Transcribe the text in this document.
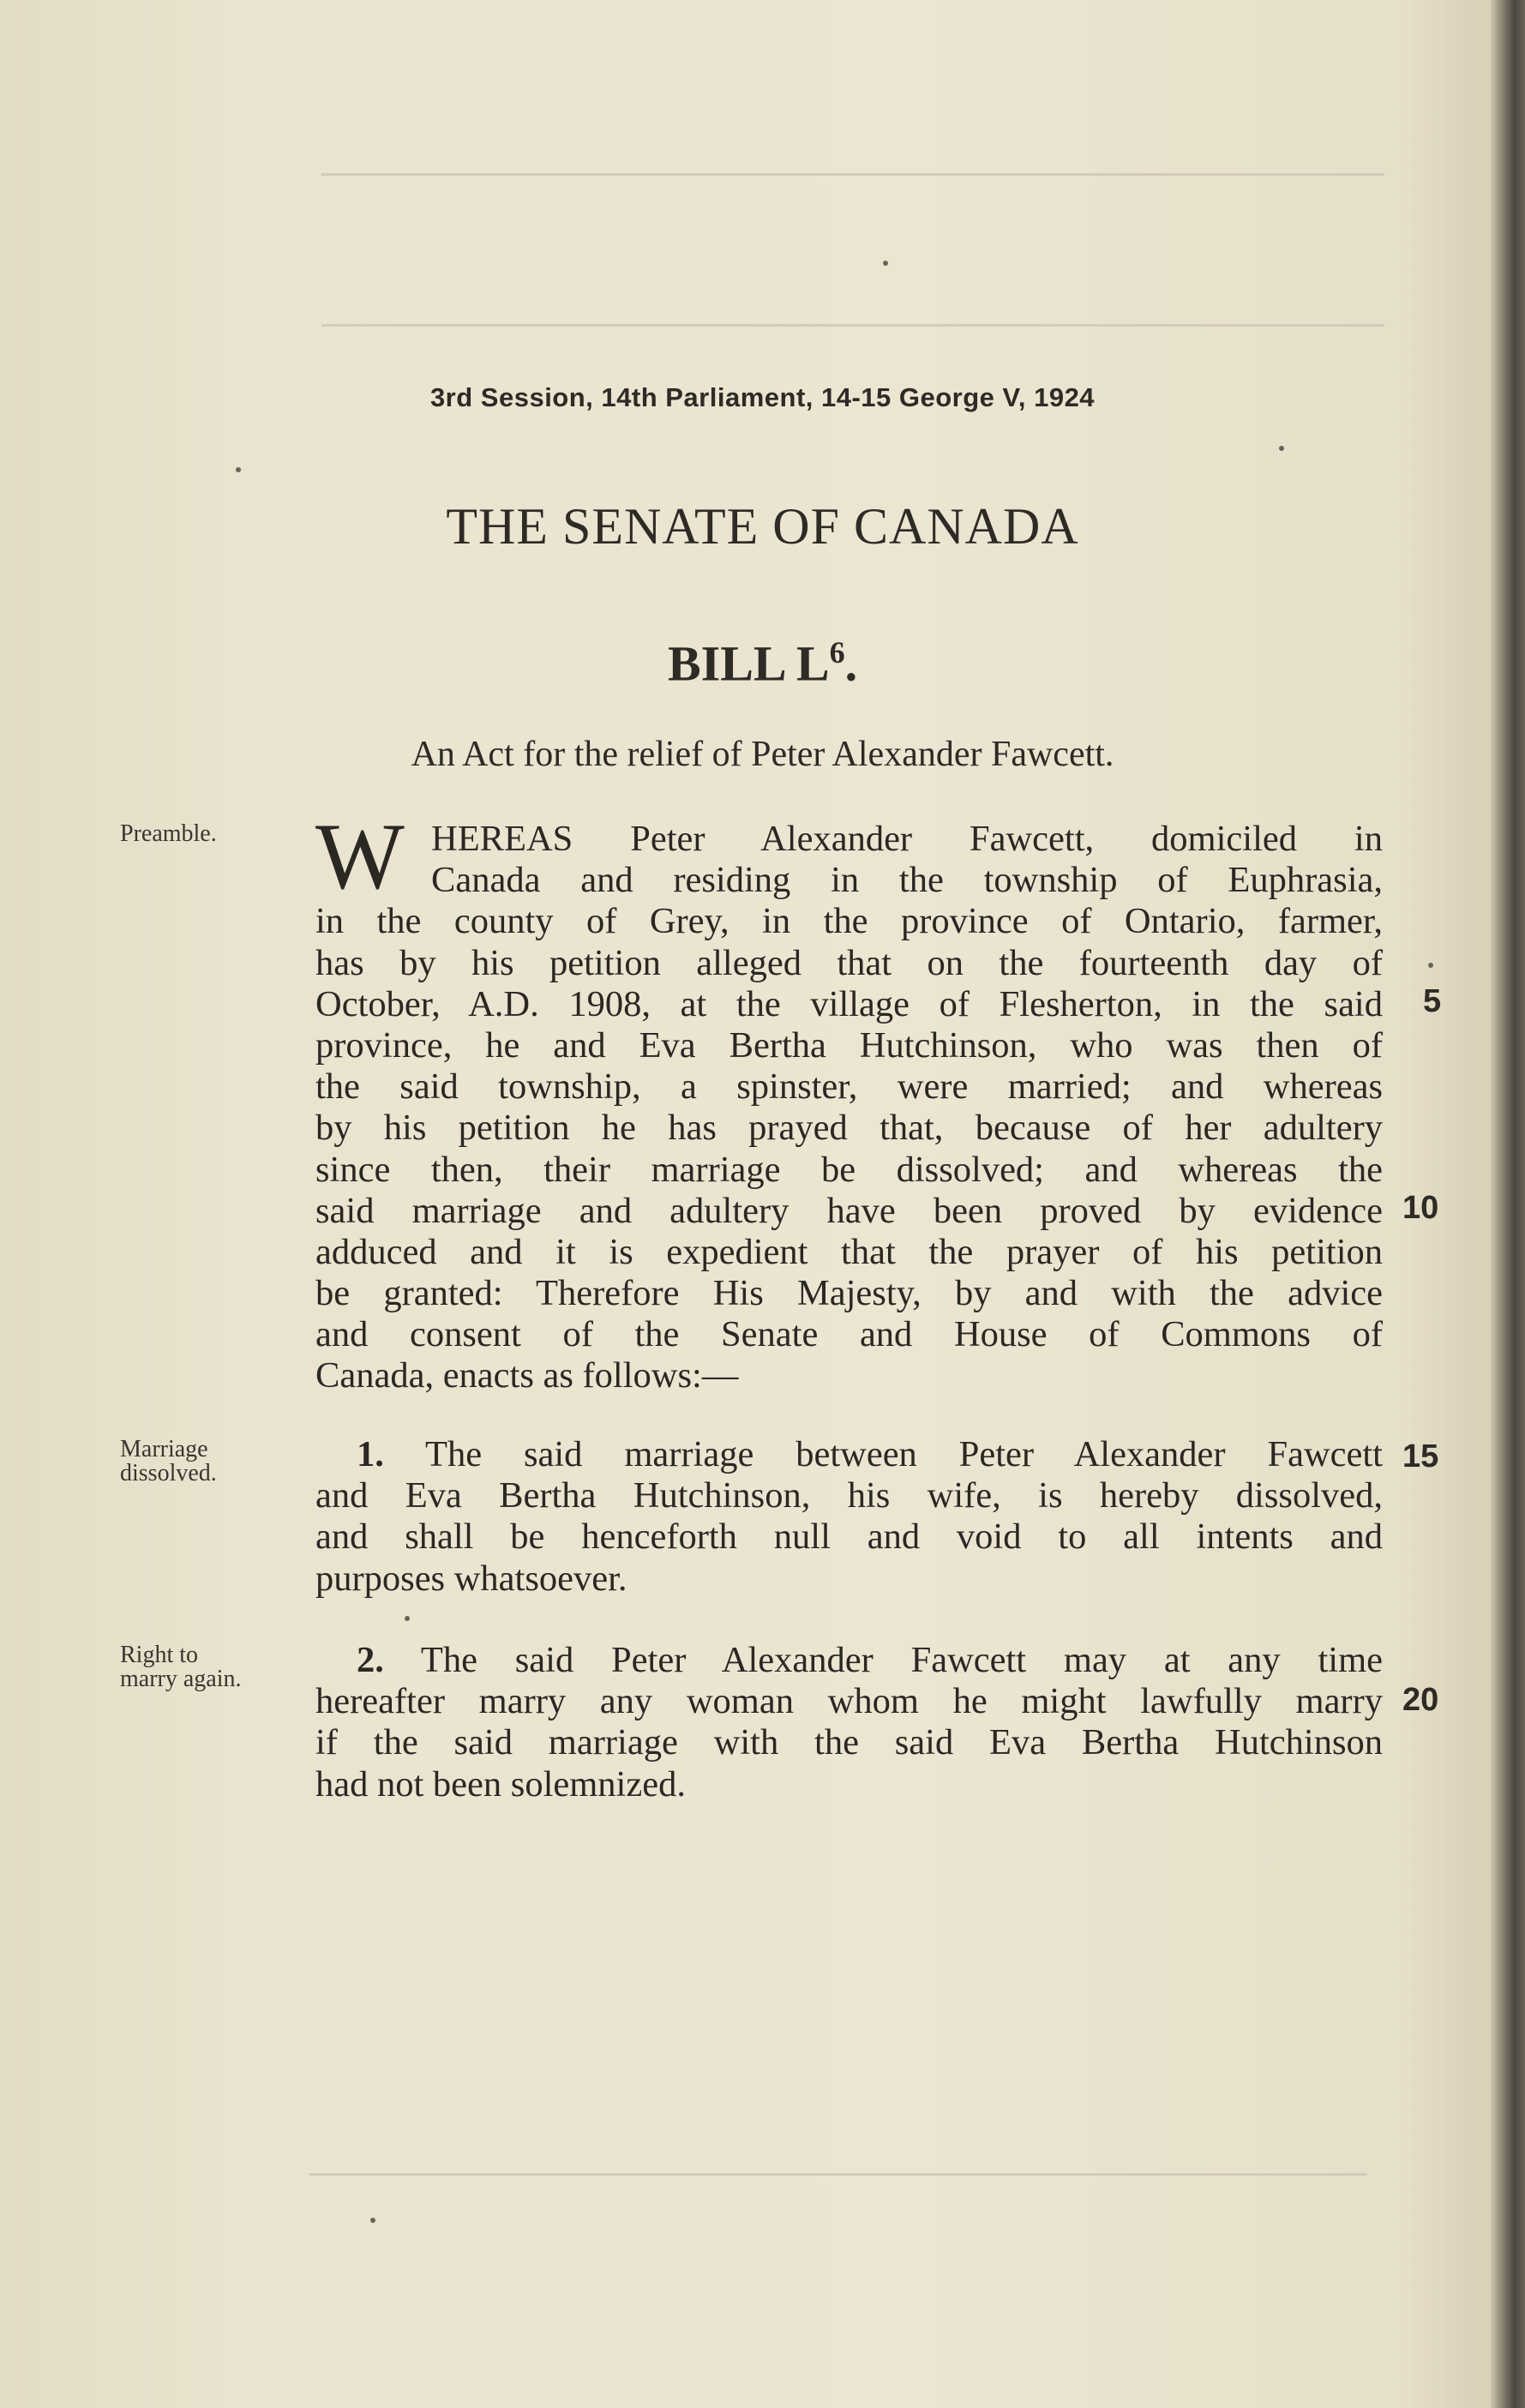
3rd Session, 14th Parliament, 14-15 George V, 1924
THE SENATE OF CANADA
BILL $L^6$.
An Act for the relief of Peter Alexander Fawcett.
Preamble.
Marriage
dissolved.
Right to
marry again.
W HEREAS Peter Alexander Fawcett, domiciled in
Canada and residing in the township of Euphrasia,
in the county of Grey, in the province of Ontario, farmer,
has by his petition alleged that on the fourteenth day of
October, A.D. 1908, at the village of Flesherton, in the said
province, he and Eva Bertha Hutchinson, who was then of
the said township, a spinster, were married; and whereas
by his petition he has prayed that, because of her adultery
since then, their marriage be dissolved; and whereas the
said marriage and adultery have been proved by evidence
adduced and it is expedient that the prayer of his petition
be granted: Therefore His Majesty, by and with the advice
and consent of the Senate and House of Commons of
Canada, enacts as follows:—
1. The said marriage between Peter Alexander Fawcett
and Eva Bertha Hutchinson, his wife, is hereby dissolved,
and shall be henceforth null and void to all intents and
purposes whatsoever.
2. The said Peter Alexander Fawcett may at any time
hereafter marry any woman whom he might lawfully marry
if the said marriage with the said Eva Bertha Hutchinson
had not been solemnized.
5
10
15
20
